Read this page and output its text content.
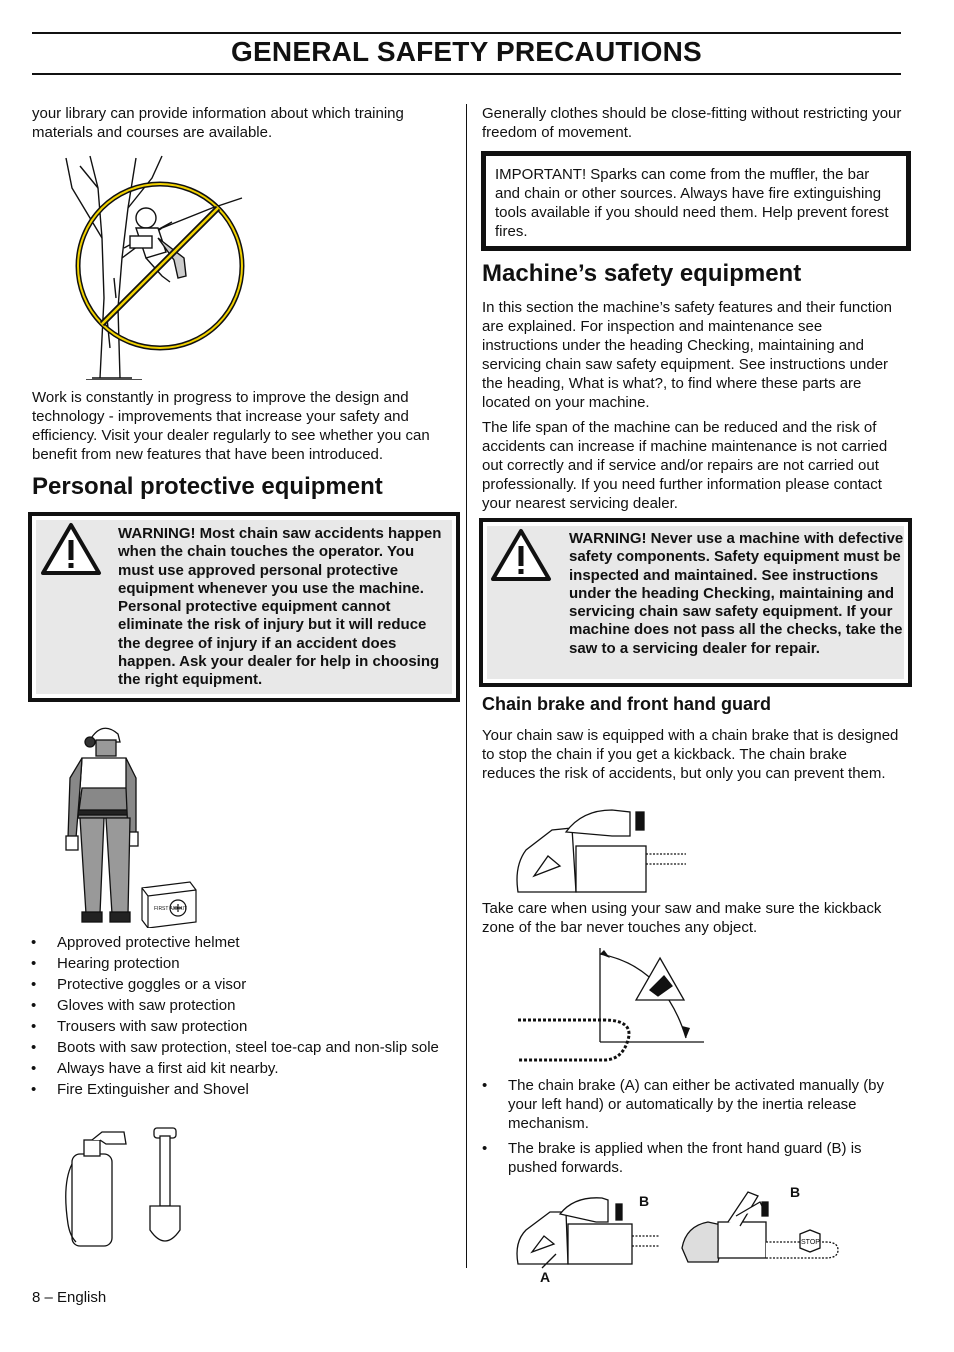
GENERAL SAFETY PRECAUTIONS

your library can provide information about which training materials and courses are available.

Work is constantly in progress to improve the design and technology - improvements that increase your safety and efficiency. Visit your dealer regularly to see whether you can benefit from new features that have been introduced.

Personal protective equipment

WARNING! Most chain saw accidents happen when the chain touches the operator. You must use approved personal protective equipment whenever you use the machine. Personal protective equipment cannot eliminate the risk of injury but it will reduce the degree of injury if an accident does happen. Ask your dealer for help in choosing the right equipment.

FIRST AID KIT
• Approved protective helmet
• Hearing protection
• Protective goggles or a visor
• Gloves with saw protection
• Trousers with saw protection
• Boots with saw protection, steel toe-cap and non-slip sole
• Always have a first aid kit nearby.
• Fire Extinguisher and Shovel

Generally clothes should be close-fitting without restricting your freedom of movement.

IMPORTANT! Sparks can come from the muffler, the bar and chain or other sources. Always have fire extinguishing tools available if you should need them. Help prevent forest fires.
Machine’s safety equipment

In this section the machine’s safety features and their function are explained. For inspection and maintenance see instructions under the heading Checking, maintaining and servicing chain saw safety equipment. See instructions under the heading, What is what?, to find where these parts are located on your machine.

The life span of the machine can be reduced and the risk of accidents can increase if machine maintenance is not carried out correctly and if service and/or repairs are not carried out professionally. If you need further information please contact your nearest servicing dealer.

WARNING! Never use a machine with defective safety components. Safety equipment must be inspected and maintained. See instructions under the heading Checking, maintaining and servicing chain saw safety equipment. If your machine does not pass all the checks, take the saw to a servicing dealer for repair.

Chain brake and front hand guard

Your chain saw is equipped with a chain brake that is designed to stop the chain if you get a kickback. The chain brake reduces the risk of accidents, but only you can prevent them.

Take care when using your saw and make sure the kickback zone of the bar never touches any object.

• The chain brake (A) can either be activated manually (by your left hand) or automatically by the inertia release mechanism.
• The brake is applied when the front hand guard (B) is pushed forwards.
A
B
STOP
B
8 – English
